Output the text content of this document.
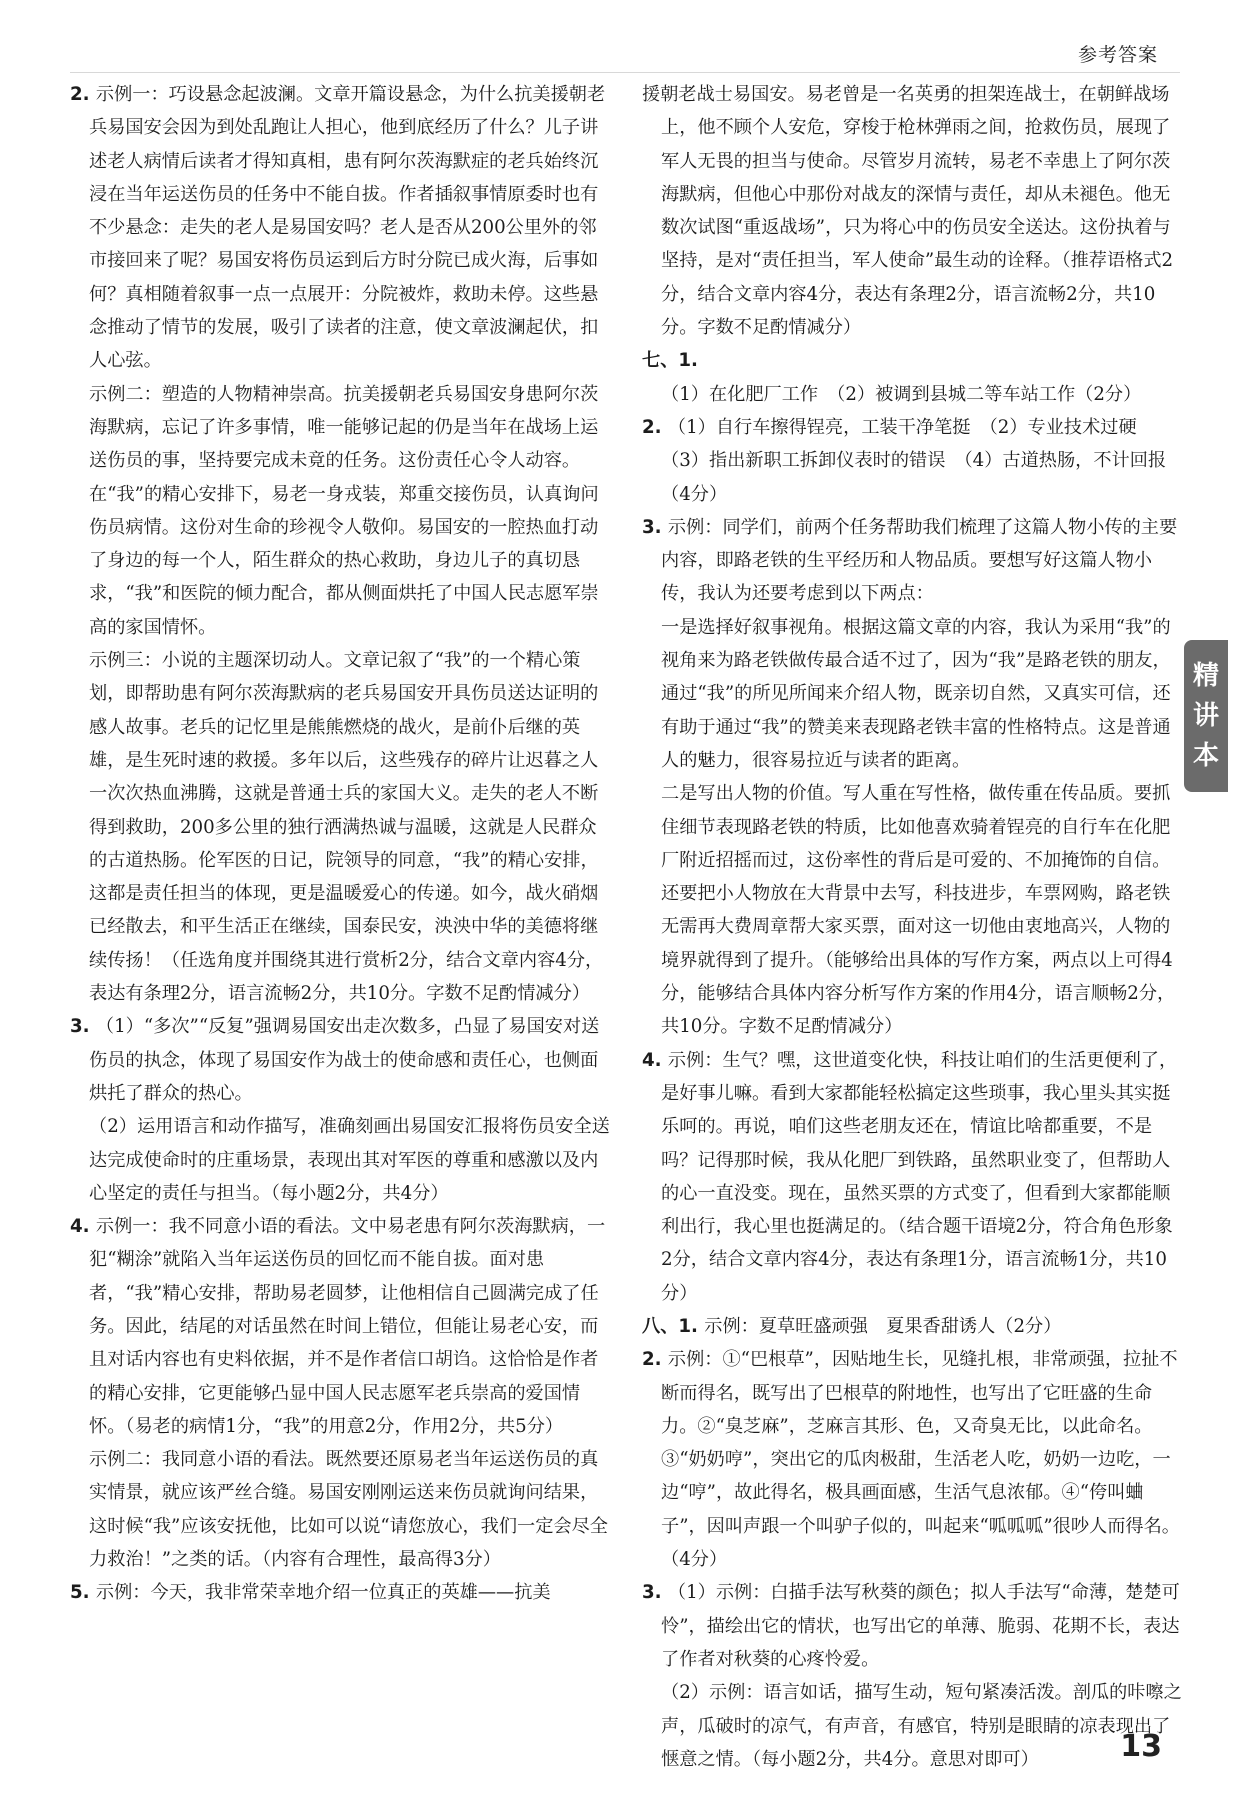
参考答案
2. 示例一：巧设悬念起波澜。文章开篇设悬念，为什么抗美援朝老兵易国安会因为到处乱跑让人担心，他到底经历了什么？儿子讲述老人病情后读者才得知真相，患有阿尔茨海默症的老兵始终沉浸在当年运送伤员的任务中不能自拔。作者插叙事情原委时也有不少悬念：走失的老人是易国安吗？老人是否从200公里外的邻市接回来了呢？易国安将伤员运到后方时分院已成火海，后事如何？真相随着叙事一点一点展开：分院被炸，救助未停。这些悬念推动了情节的发展，吸引了读者的注意，使文章波澜起伏，扣人心弦。
示例二：塑造的人物精神崇高。抗美援朝老兵易国安身患阿尔茨海默病，忘记了许多事情，唯一能够记起的仍是当年在战场上运送伤员的事，坚持要完成未竟的任务。这份责任心令人动容。在“我”的精心安排下，易老一身戎装，郑重交接伤员，认真询问伤员病情。这份对生命的珍视令人敬仰。易国安的一腔热血打动了身边的每一个人，陌生群众的热心救助，身边儿子的真切恳求，“我”和医院的倾力配合，都从侧面烘托了中国人民志愿军崇高的家国情怀。
示例三：小说的主题深切动人。文章记叙了“我”的一个精心策划，即帮助患有阿尔茨海默病的老兵易国安开具伤员送达证明的感人故事。老兵的记忆里是熊熊燃烧的战火，是前仆后继的英雄，是生死时速的救援。多年以后，这些残存的碎片让迟暮之人一次次热血沸腾，这就是普通士兵的家国大义。走失的老人不断得到救助，200多公里的独行洒满热诚与温暖，这就是人民群众的古道热肠。伦军医的日记，院领导的同意，“我”的精心安排，这都是责任担当的体现，更是温暖爱心的传递。如今，战火硝烟已经散去，和平生活正在继续，国泰民安，泱泱中华的美德将继续传扬！（任选角度并围绕其进行赏析2分，结合文章内容4分，表达有条理2分，语言流畅2分，共10分。字数不足酌情减分）
3. （1）“多次”“反复”强调易国安出走次数多，凸显了易国安对送伤员的执念，体现了易国安作为战士的使命感和责任心，也侧面烘托了群众的热心。
（2）运用语言和动作描写，准确刻画出易国安汇报将伤员安全送达完成使命时的庄重场景，表现出其对军医的尊重和感激以及内心坚定的责任与担当。（每小题2分，共4分）
4. 示例一：我不同意小语的看法。文中易老患有阿尔茨海默病，一犯“糊涂”就陷入当年运送伤员的回忆而不能自拔。面对患者，“我”精心安排，帮助易老圆梦，让他相信自己圆满完成了任务。因此，结尾的对话虽然在时间上错位，但能让易老心安，而且对话内容也有史料依据，并不是作者信口胡诌。这恰恰是作者的精心安排，它更能够凸显中国人民志愿军老兵崇高的爱国情怀。（易老的病情1分，“我”的用意2分，作用2分，共5分）
示例二：我同意小语的看法。既然要还原易老当年运送伤员的真实情景，就应该严丝合缝。易国安刚刚运送来伤员就询问结果，这时候“我”应该安抚他，比如可以说“请您放心，我们一定会尽全力救治！”之类的话。（内容有合理性，最高得3分）
5. 示例：今天，我非常荣幸地介绍一位真正的英雄——抗美
援朝老战士易国安。易老曾是一名英勇的担架连战士，在朝鲜战场上，他不顾个人安危，穿梭于枪林弹雨之间，抢救伤员，展现了军人无畏的担当与使命。尽管岁月流转，易老不幸患上了阿尔茨海默病，但他心中那份对战友的深情与责任，却从未褪色。他无数次试图“重返战场”，只为将心中的伤员安全送达。这份执着与坚持，是对“责任担当，军人使命”最生动的诠释。（推荐语格式2分，结合文章内容4分，表达有条理2分，语言流畅2分，共10分。字数不足酌情减分）
七、1. （1）在化肥厂工作　（2）被调到县城二等车站工作（2分）
2. （1）自行车擦得锃亮，工装干净笔挺　（2）专业技术过硬
（3）指出新职工拆卸仪表时的错误　（4）古道热肠，不计回报（4分）
3. 示例：同学们，前两个任务帮助我们梳理了这篇人物小传的主要内容，即路老铁的生平经历和人物品质。要想写好这篇人物小传，我认为还要考虑到以下两点：
一是选择好叙事视角。根据这篇文章的内容，我认为采用“我”的视角来为路老铁做传最合适不过了，因为“我”是路老铁的朋友，通过“我”的所见所闻来介绍人物，既亲切自然，又真实可信，还有助于通过“我”的赞美来表现路老铁丰富的性格特点。这是普通人的魅力，很容易拉近与读者的距离。
二是写出人物的价值。写人重在写性格，做传重在传品质。要抓住细节表现路老铁的特质，比如他喜欢骑着锃亮的自行车在化肥厂附近招摇而过，这份率性的背后是可爱的、不加掩饰的自信。还要把小人物放在大背景中去写，科技进步，车票网购，路老铁无需再大费周章帮大家买票，面对这一切他由衷地高兴，人物的境界就得到了提升。（能够给出具体的写作方案，两点以上可得4分，能够结合具体内容分析写作方案的作用4分，语言顺畅2分，共10分。字数不足酌情减分）
4. 示例：生气？嘿，这世道变化快，科技让咱们的生活更便利了，是好事儿嘛。看到大家都能轻松搞定这些琐事，我心里头其实挺乐呵的。再说，咱们这些老朋友还在，情谊比啥都重要，不是吗？记得那时候，我从化肥厂到铁路，虽然职业变了，但帮助人的心一直没变。现在，虽然买票的方式变了，但看到大家都能顺利出行，我心里也挺满足的。（结合题干语境2分，符合角色形象2分，结合文章内容4分，表达有条理1分，语言流畅1分，共10分）
八、1. 示例：夏草旺盛顽强　夏果香甜诱人（2分）
2. 示例：①“巴根草”，因贴地生长，见缝扎根，非常顽强，拉扯不断而得名，既写出了巴根草的附地性，也写出了它旺盛的生命力。②“臭芝麻”，芝麻言其形、色，又奇臭无比，以此命名。③“奶奶哼”，突出它的瓜肉极甜，生活老人吃，奶奶一边吃，一边“哼”，故此得名，极具画面感，生活气息浓郁。④“侉叫蛐子”，因叫声跟一个叫驴子似的，叫起来“呱呱呱”很吵人而得名。（4分）
3. （1）示例：白描手法写秋葵的颜色；拟人手法写“命薄，楚楚可怜”，描绘出它的情状，也写出它的单薄、脆弱、花期不长，表达了作者对秋葵的心疼怜爱。
（2）示例：语言如话，描写生动，短句紧凑活泼。剖瓜的咔嚓之声，瓜破时的凉气，有声音，有感官，特别是眼睛的凉表现出了惬意之情。（每小题2分，共4分。意思对即可）
精
讲
本
13
